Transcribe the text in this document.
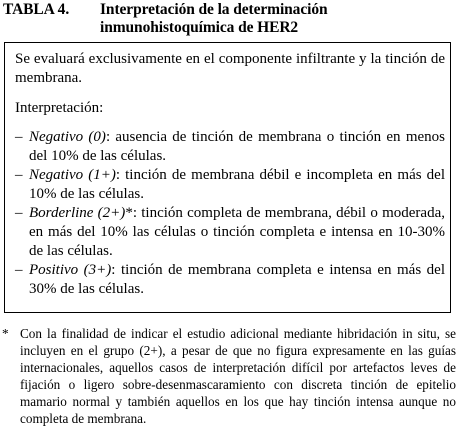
TABLA 4. Interpretación de la determinación
inmunohistoquímica de HER2

Se evaluará exclusivamente en el componente infiltrante y la tinción de membrana.

Interpretación:
– Negativo (0): ausencia de tinción de membrana o tinción en menos del 10% de las células.
– Negativo (1+): tinción de membrana débil e incompleta en más del 10% de las células.
– Borderline (2+)*: tinción completa de membrana, débil o moderada, en más del 10% las células o tinción completa e intensa en 10-30% de las células.
– Positivo (3+): tinción de membrana completa e intensa en más del 30% de las células.
* Con la finalidad de indicar el estudio adicional mediante hibridación in situ, se incluyen en el grupo (2+), a pesar de que no figura expresamente en las guías internacionales, aquellos casos de interpretación difícil por artefactos leves de fijación o ligero sobre-desenmascaramiento con discreta tinción de epitelio mamario normal y también aquellos en los que hay tinción intensa aunque no completa de membrana.
